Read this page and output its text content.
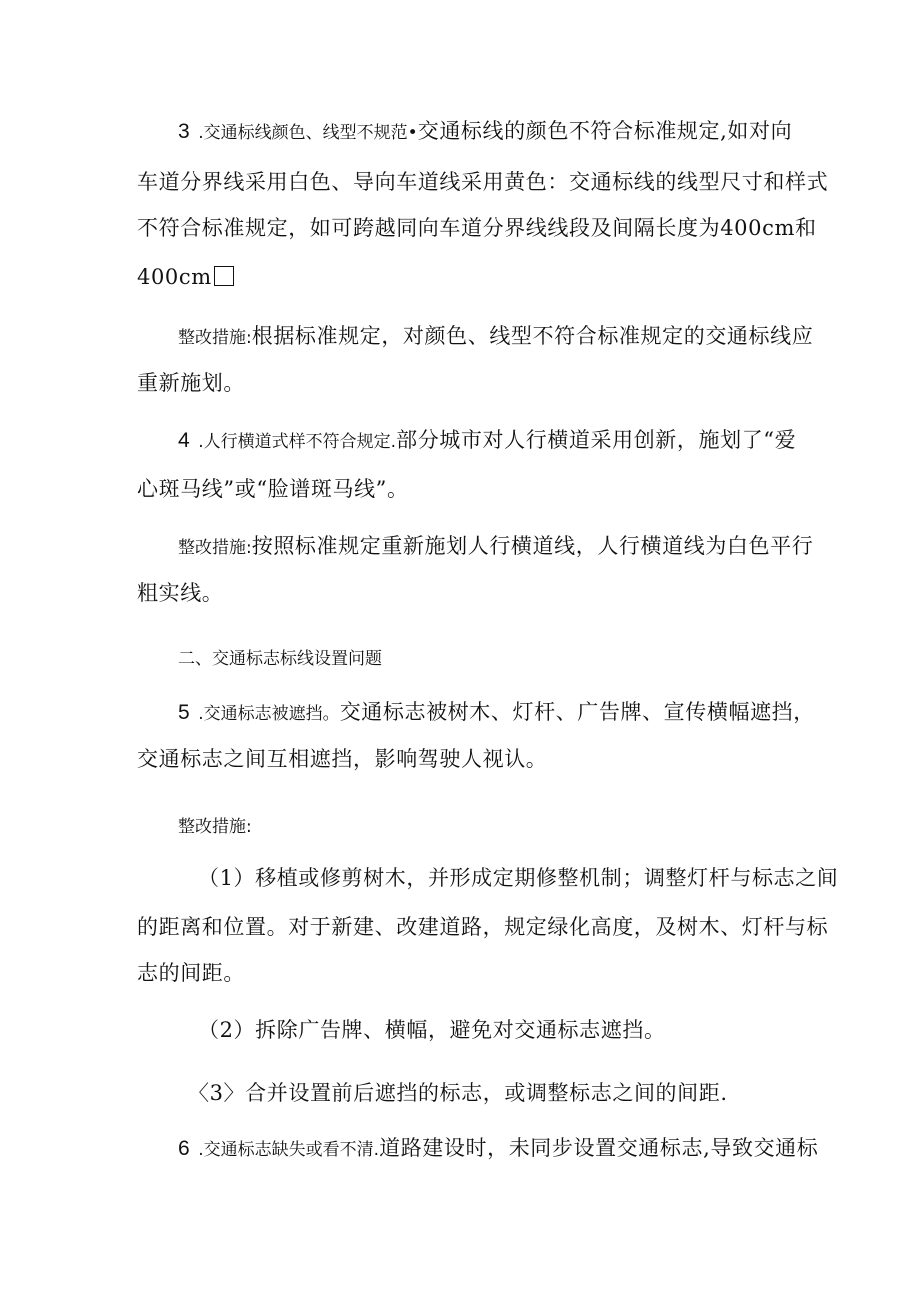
3 .交通标线颜色、线型不规范•交通标线的颜色不符合标准规定,如对向
车道分界线采用白色、导向车道线采用黄色：交通标线的线型尺寸和样式
不符合标准规定，如可跨越同向车道分界线线段及间隔长度为400cm和
400cm
整改措施:根据标准规定，对颜色、线型不符合标准规定的交通标线应
重新施划。
4 .人行横道式样不符合规定.部分城市对人行横道采用创新，施划了“爱
心斑马线”或“脸谱斑马线”。
整改措施:按照标准规定重新施划人行横道线，人行横道线为白色平行
粗实线。
二、交通标志标线设置问题
5 .交通标志被遮挡。交通标志被树木、灯杆、广告牌、宣传横幅遮挡，
交通标志之间互相遮挡，影响驾驶人视认。
整改措施:
（1）移植或修剪树木，并形成定期修整机制；调整灯杆与标志之间
的距离和位置。对于新建、改建道路，规定绿化高度，及树木、灯杆与标
志的间距。
（2）拆除广告牌、横幅，避免对交通标志遮挡。
〈3〉合并设置前后遮挡的标志，或调整标志之间的间距.
6 .交通标志缺失或看不清.道路建设时，未同步设置交通标志,导致交通标
